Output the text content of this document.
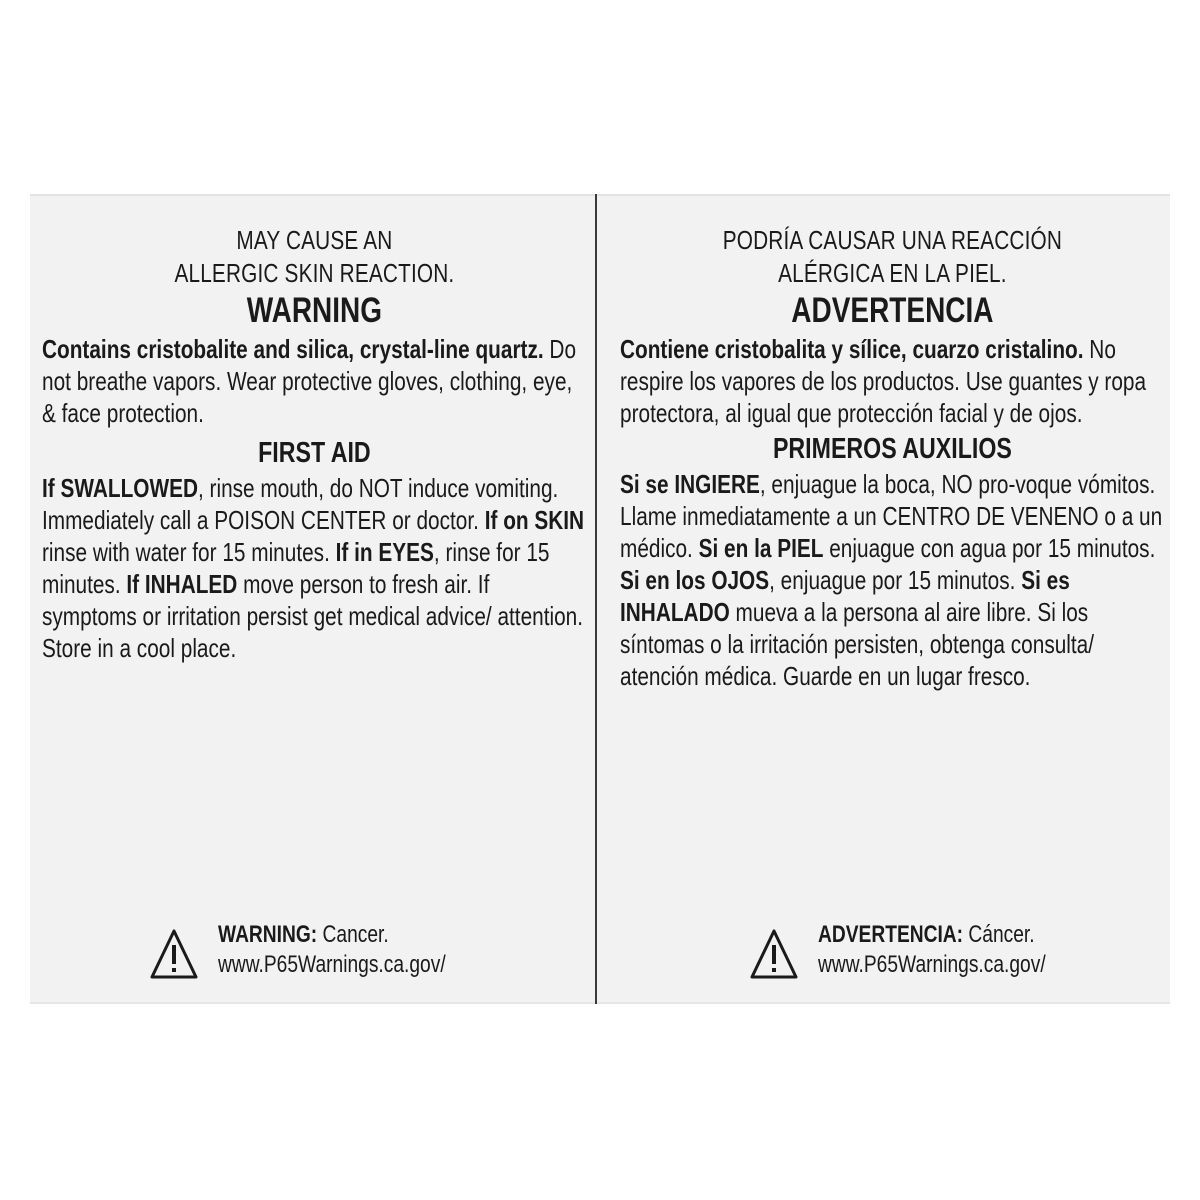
MAY CAUSE AN
ALLERGIC SKIN REACTION.

WARNING

Contains cristobalite and silica, crystal-line quartz. Do not breathe vapors. Wear protective gloves, clothing, eye, & face protection.

FIRST AID

If SWALLOWED, rinse mouth, do NOT induce vomiting. Immediately call a POISON CENTER or doctor. If on SKIN rinse with water for 15 minutes. If in EYES, rinse for 15 minutes. If INHALED move person to fresh air. If symptoms or irritation persist get medical advice/ attention. Store in a cool place.

WARNING: Cancer.
www.P65Warnings.ca.gov/

PODRÍA CAUSAR UNA REACCIÓN
ALÉRGICA EN LA PIEL.

ADVERTENCIA

Contiene cristobalita y sílice, cuarzo cristalino. No respire los vapores de los productos. Use guantes y ropa protectora, al igual que protección facial y de ojos.

PRIMEROS AUXILIOS

Si se INGIERE, enjuague la boca, NO pro-voque vómitos. Llame inmediatamente a un CENTRO DE VENENO o a un médico. Si en la PIEL enjuague con agua por 15 minutos. Si en los OJOS, enjuague por 15 minutos. Si es INHALADO mueva a la persona al aire libre. Si los síntomas o la irritación persisten, obtenga consulta/ atención médica. Guarde en un lugar fresco.

ADVERTENCIA: Cáncer.
www.P65Warnings.ca.gov/
